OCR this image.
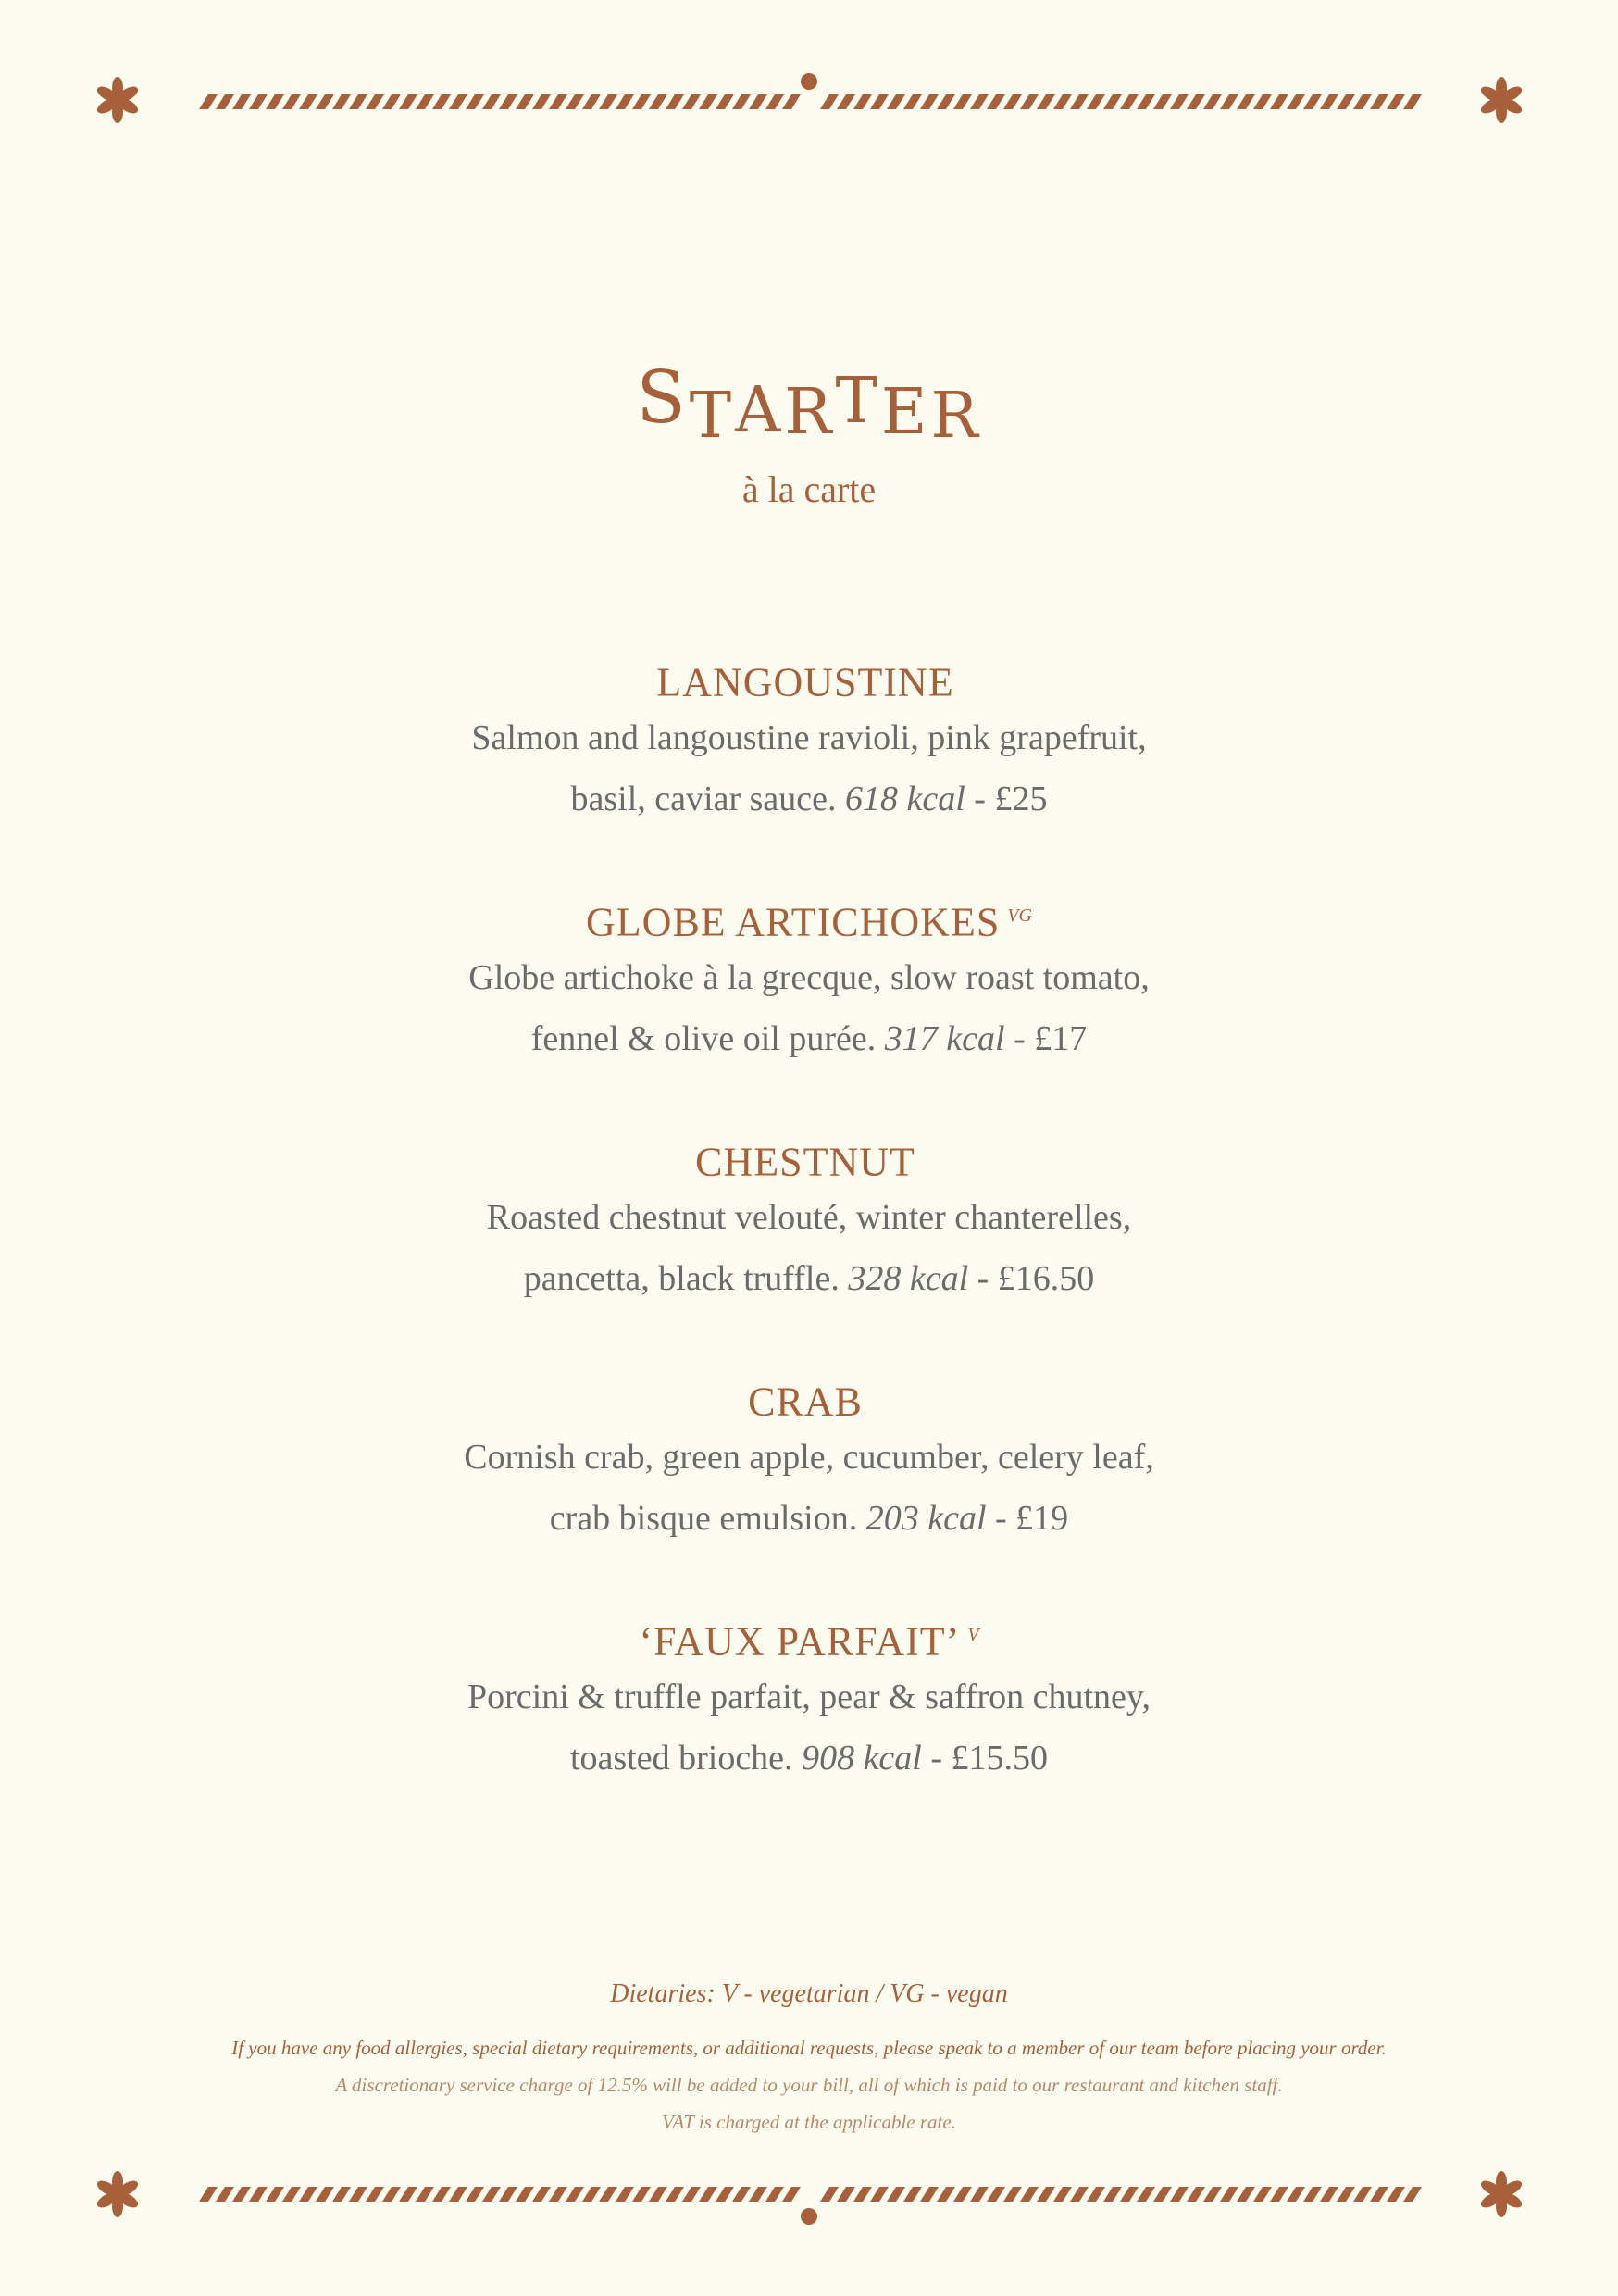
STARTER
à la carte
LANGOUSTINE
Salmon and langoustine ravioli, pink grapefruit,
basil, caviar sauce. 618 kcal - £25
GLOBE ARTICHOKES $^{VG}$
Globe artichoke à la grecque, slow roast tomato,
fennel & olive oil purée. 317 kcal - £17
CHESTNUT
Roasted chestnut velouté, winter chanterelles,
pancetta, black truffle. 328 kcal - £16.50
CRAB
Cornish crab, green apple, cucumber, celery leaf,
crab bisque emulsion. 203 kcal - £19
‘FAUX PARFAIT’ $^V$
Porcini & truffle parfait, pear & saffron chutney,
toasted brioche. 908 kcal - £15.50
Dietaries: V - vegetarian / VG - vegan
If you have any food allergies, special dietary requirements, or additional requests, please speak to a member of our team before placing your order.
A discretionary service charge of 12.5% will be added to your bill, all of which is paid to our restaurant and kitchen staff.
VAT is charged at the applicable rate.
